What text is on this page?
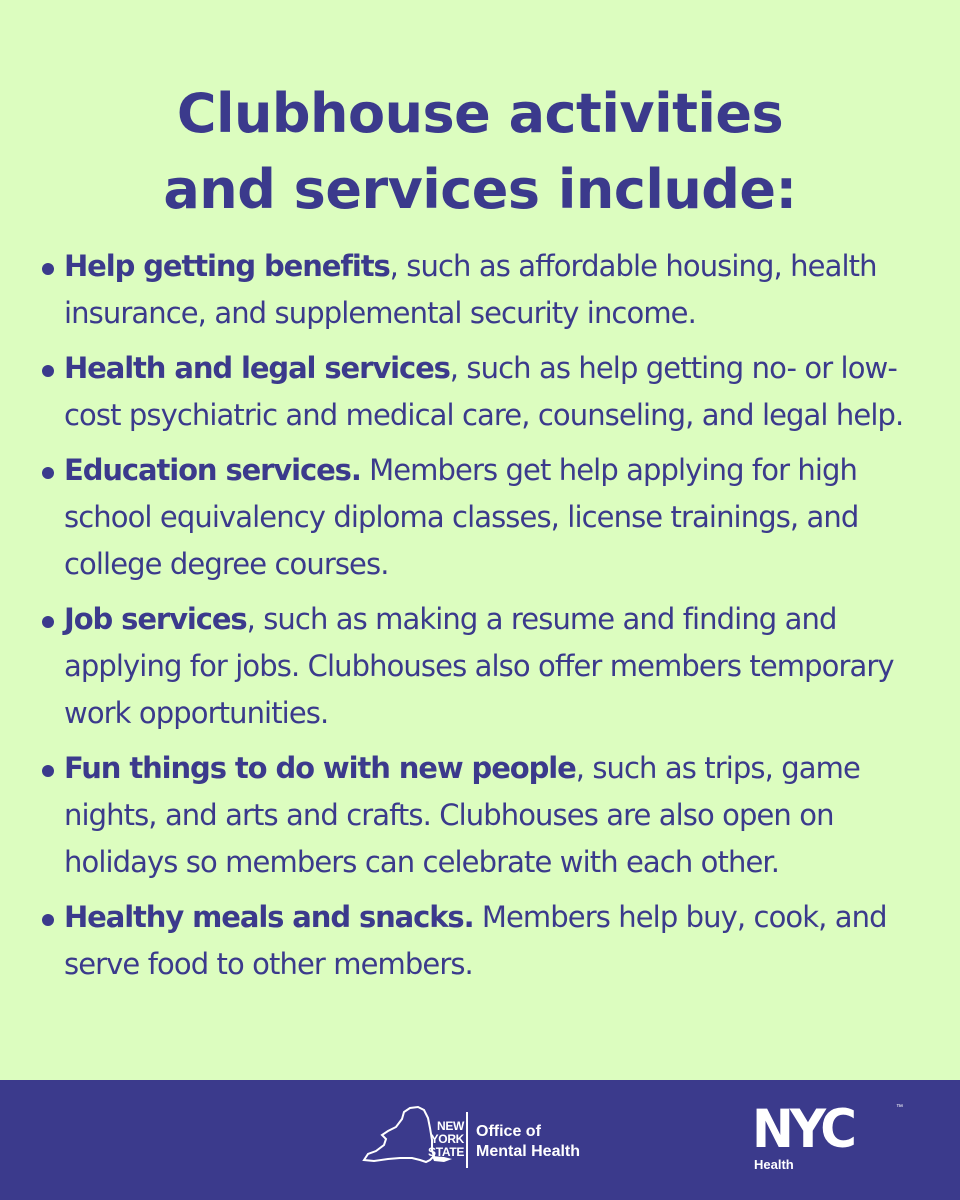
Clubhouse activities
and services include:
Help getting benefits, such as affordable housing, health insurance, and supplemental security income.
Health and legal services, such as help getting no- or low-cost psychiatric and medical care, counseling, and legal help.
Education services. Members get help applying for high school equivalency diploma classes, license trainings, and college degree courses.
Job services, such as making a resume and finding and applying for jobs. Clubhouses also offer members temporary work opportunities.
Fun things to do with new people, such as trips, game nights, and arts and crafts. Clubhouses are also open on holidays so members can celebrate with each other.
Healthy meals and snacks. Members help buy, cook, and serve food to other members.
NEW
YORK
STATE
Office of
Mental Health	NYC	™
Health
